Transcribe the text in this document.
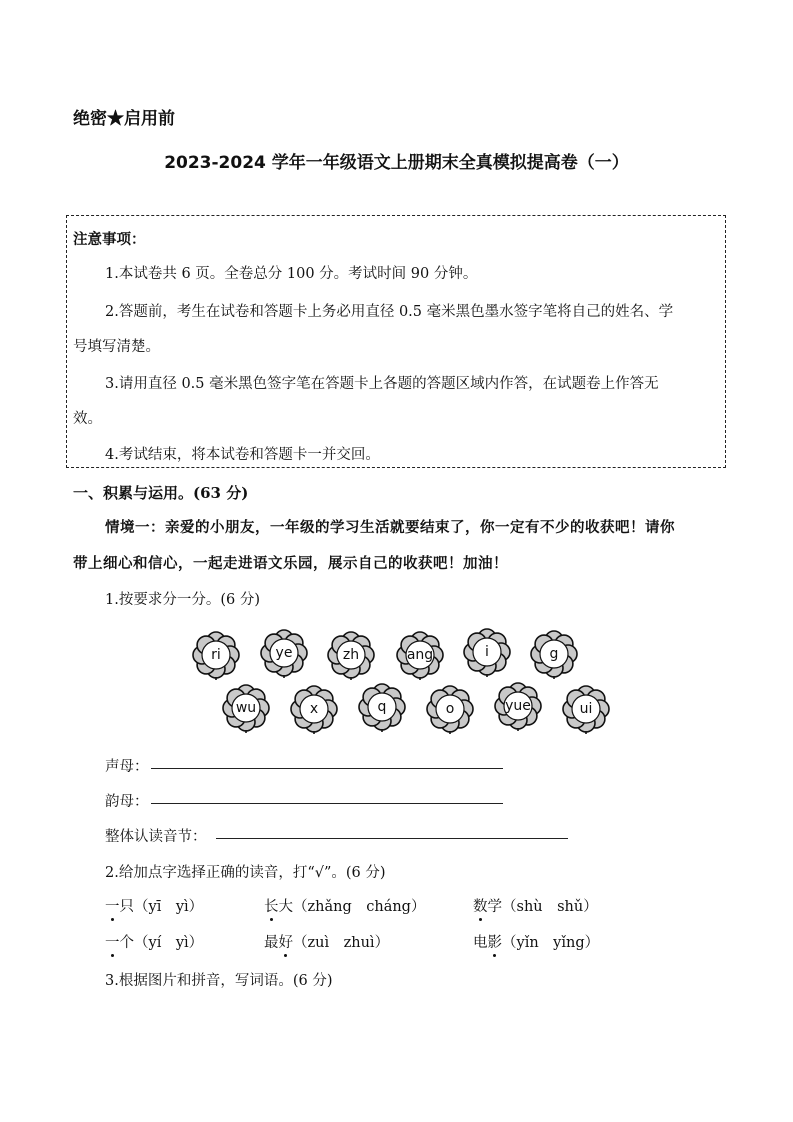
绝密★启用前
2023-2024 学年一年级语文上册期末全真模拟提高卷（一）
注意事项：
1.本试卷共 6 页。全卷总分 100 分。考试时间 90 分钟。
2.答题前，考生在试卷和答题卡上务必用直径 0.5 毫米黑色墨水签字笔将自己的姓名、学
号填写清楚。
3.请用直径 0.5 毫米黑色签字笔在答题卡上各题的答题区域内作答，在试题卷上作答无
效。
4.考试结束，将本试卷和答题卡一并交回。
一、积累与运用。(63 分)
情境一：亲爱的小朋友，一年级的学习生活就要结束了，你一定有不少的收获吧！请你
带上细心和信心，一起走进语文乐园，展示自己的收获吧！加油！
1.按要求分一分。(6 分)
ri	ye	zh	ang	i	g
wu	x	q	o	yue	ui
声母：
韵母：
整体认读音节：
2.给加点字选择正确的读音，打“√”。(6 分)
一只（yī　yì）	长大（zhǎng　cháng）	数学（shù　shǔ）
一个（yí　yì）	最好（zuì　zhuì）	电影（yǐn　yǐng）
3.根据图片和拼音，写词语。(6 分)
